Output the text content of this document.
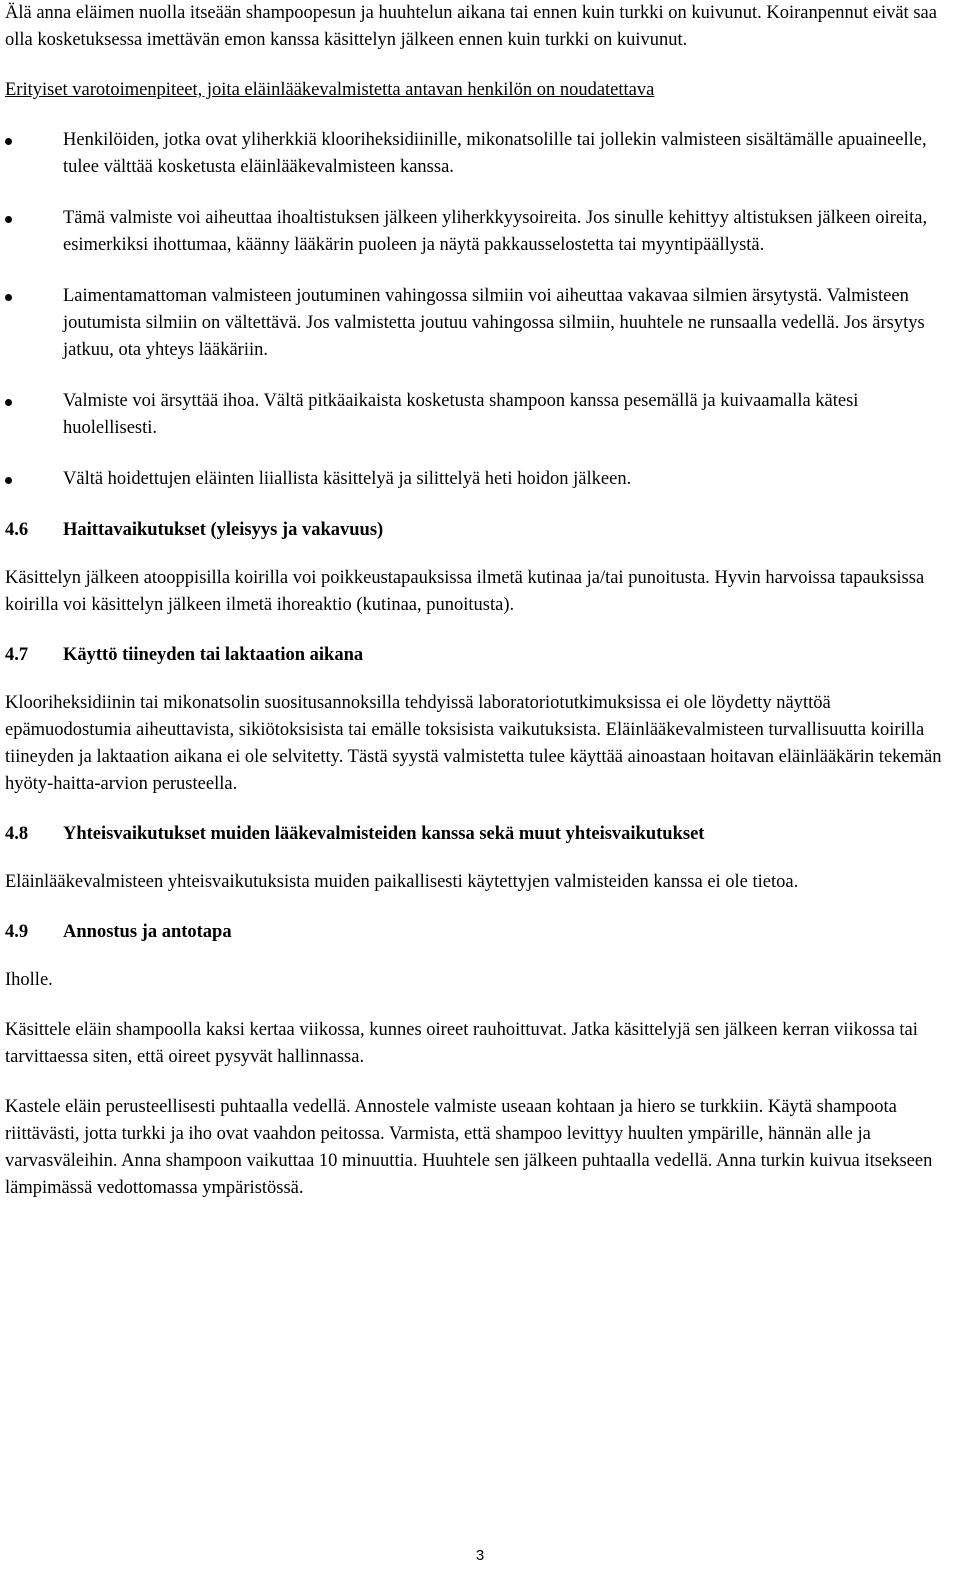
Älä anna eläimen nuolla itseään shampoopesun ja huuhtelun aikana tai ennen kuin turkki on kuivunut. Koiranpennut eivät saa olla kosketuksessa imettävän emon kanssa käsittelyn jälkeen ennen kuin turkki on kuivunut.

Erityiset varotoimenpiteet, joita eläinlääkevalmistetta antavan henkilön on noudatettava

Henkilöiden, jotka ovat yliherkkiä klooriheksidiinille, mikonatsolille tai jollekin valmisteen sisältämälle apuaineelle, tulee välttää kosketusta eläinlääkevalmisteen kanssa.
Tämä valmiste voi aiheuttaa ihoaltistuksen jälkeen yliherkkyysoireita. Jos sinulle kehittyy altistuksen jälkeen oireita, esimerkiksi ihottumaa, käänny lääkärin puoleen ja näytä pakkausselostetta tai myyntipäällystä.
Laimentamattoman valmisteen joutuminen vahingossa silmiin voi aiheuttaa vakavaa silmien ärsytystä. Valmisteen joutumista silmiin on vältettävä. Jos valmistetta joutuu vahingossa silmiin, huuhtele ne runsaalla vedellä. Jos ärsytys jatkuu, ota yhteys lääkäriin.
Valmiste voi ärsyttää ihoa. Vältä pitkäaikaista kosketusta shampoon kanssa pesemällä ja kuivaamalla kätesi huolellisesti.
Vältä hoidettujen eläinten liiallista käsittelyä ja silittelyä heti hoidon jälkeen.
4.6	Haittavaikutukset (yleisyys ja vakavuus)

Käsittelyn jälkeen atooppisilla koirilla voi poikkeustapauksissa ilmetä kutinaa ja/tai punoitusta. Hyvin harvoissa tapauksissa koirilla voi käsittelyn jälkeen ilmetä ihoreaktio (kutinaa, punoitusta).

4.7	Käyttö tiineyden tai laktaation aikana

Klooriheksidiinin tai mikonatsolin suositusannoksilla tehdyissä laboratoriotutkimuksissa ei ole löydetty näyttöä epämuodostumia aiheuttavista, sikiötoksisista tai emälle toksisista vaikutuksista. Eläinlääkevalmisteen turvallisuutta koirilla tiineyden ja laktaation aikana ei ole selvitetty. Tästä syystä valmistetta tulee käyttää ainoastaan hoitavan eläinlääkärin tekemän hyöty-haitta-arvion perusteella.

4.8	Yhteisvaikutukset muiden lääkevalmisteiden kanssa sekä muut yhteisvaikutukset

Eläinlääkevalmisteen yhteisvaikutuksista muiden paikallisesti käytettyjen valmisteiden kanssa ei ole tietoa.

4.9	Annostus ja antotapa

Iholle.

Käsittele eläin shampoolla kaksi kertaa viikossa, kunnes oireet rauhoittuvat. Jatka käsittelyjä sen jälkeen kerran viikossa tai tarvittaessa siten, että oireet pysyvät hallinnassa.

Kastele eläin perusteellisesti puhtaalla vedellä. Annostele valmiste useaan kohtaan ja hiero se turkkiin. Käytä shampoota riittävästi, jotta turkki ja iho ovat vaahdon peitossa. Varmista, että shampoo levittyy huulten ympärille, hännän alle ja varvasväleihin. Anna shampoon vaikuttaa 10 minuuttia. Huuhtele sen jälkeen puhtaalla vedellä. Anna turkin kuivua itsekseen lämpimässä vedottomassa ympäristössä.

3
